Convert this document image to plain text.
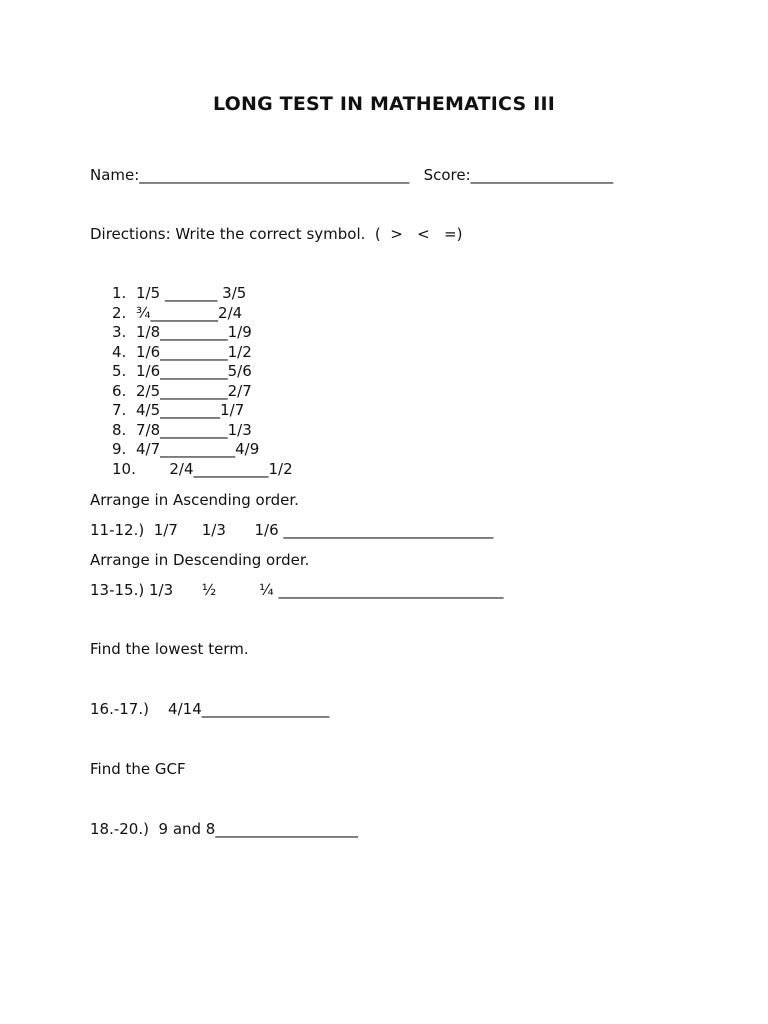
LONG TEST IN MATHEMATICS III
Name:____________________________________   Score:___________________
Directions: Write the correct symbol.  (  >   <   =)
1. 1/5 _______ 3/5
2. ¾_________2/4
3. 1/8_________1/9
4. 1/6_________1/2
5. 1/6_________5/6
6. 2/5_________2/7
7. 4/5________1/7
8. 7/8_________1/3
9. 4/7__________4/9
10.       2/4__________1/2
Arrange in Ascending order.
11-12.)  1/7     1/3      1/6 ____________________________
Arrange in Descending order.
13-15.) 1/3      ½         ¼ ______________________________
Find the lowest term.
16.-17.)    4/14_________________
Find the GCF
18.-20.)  9 and 8___________________
